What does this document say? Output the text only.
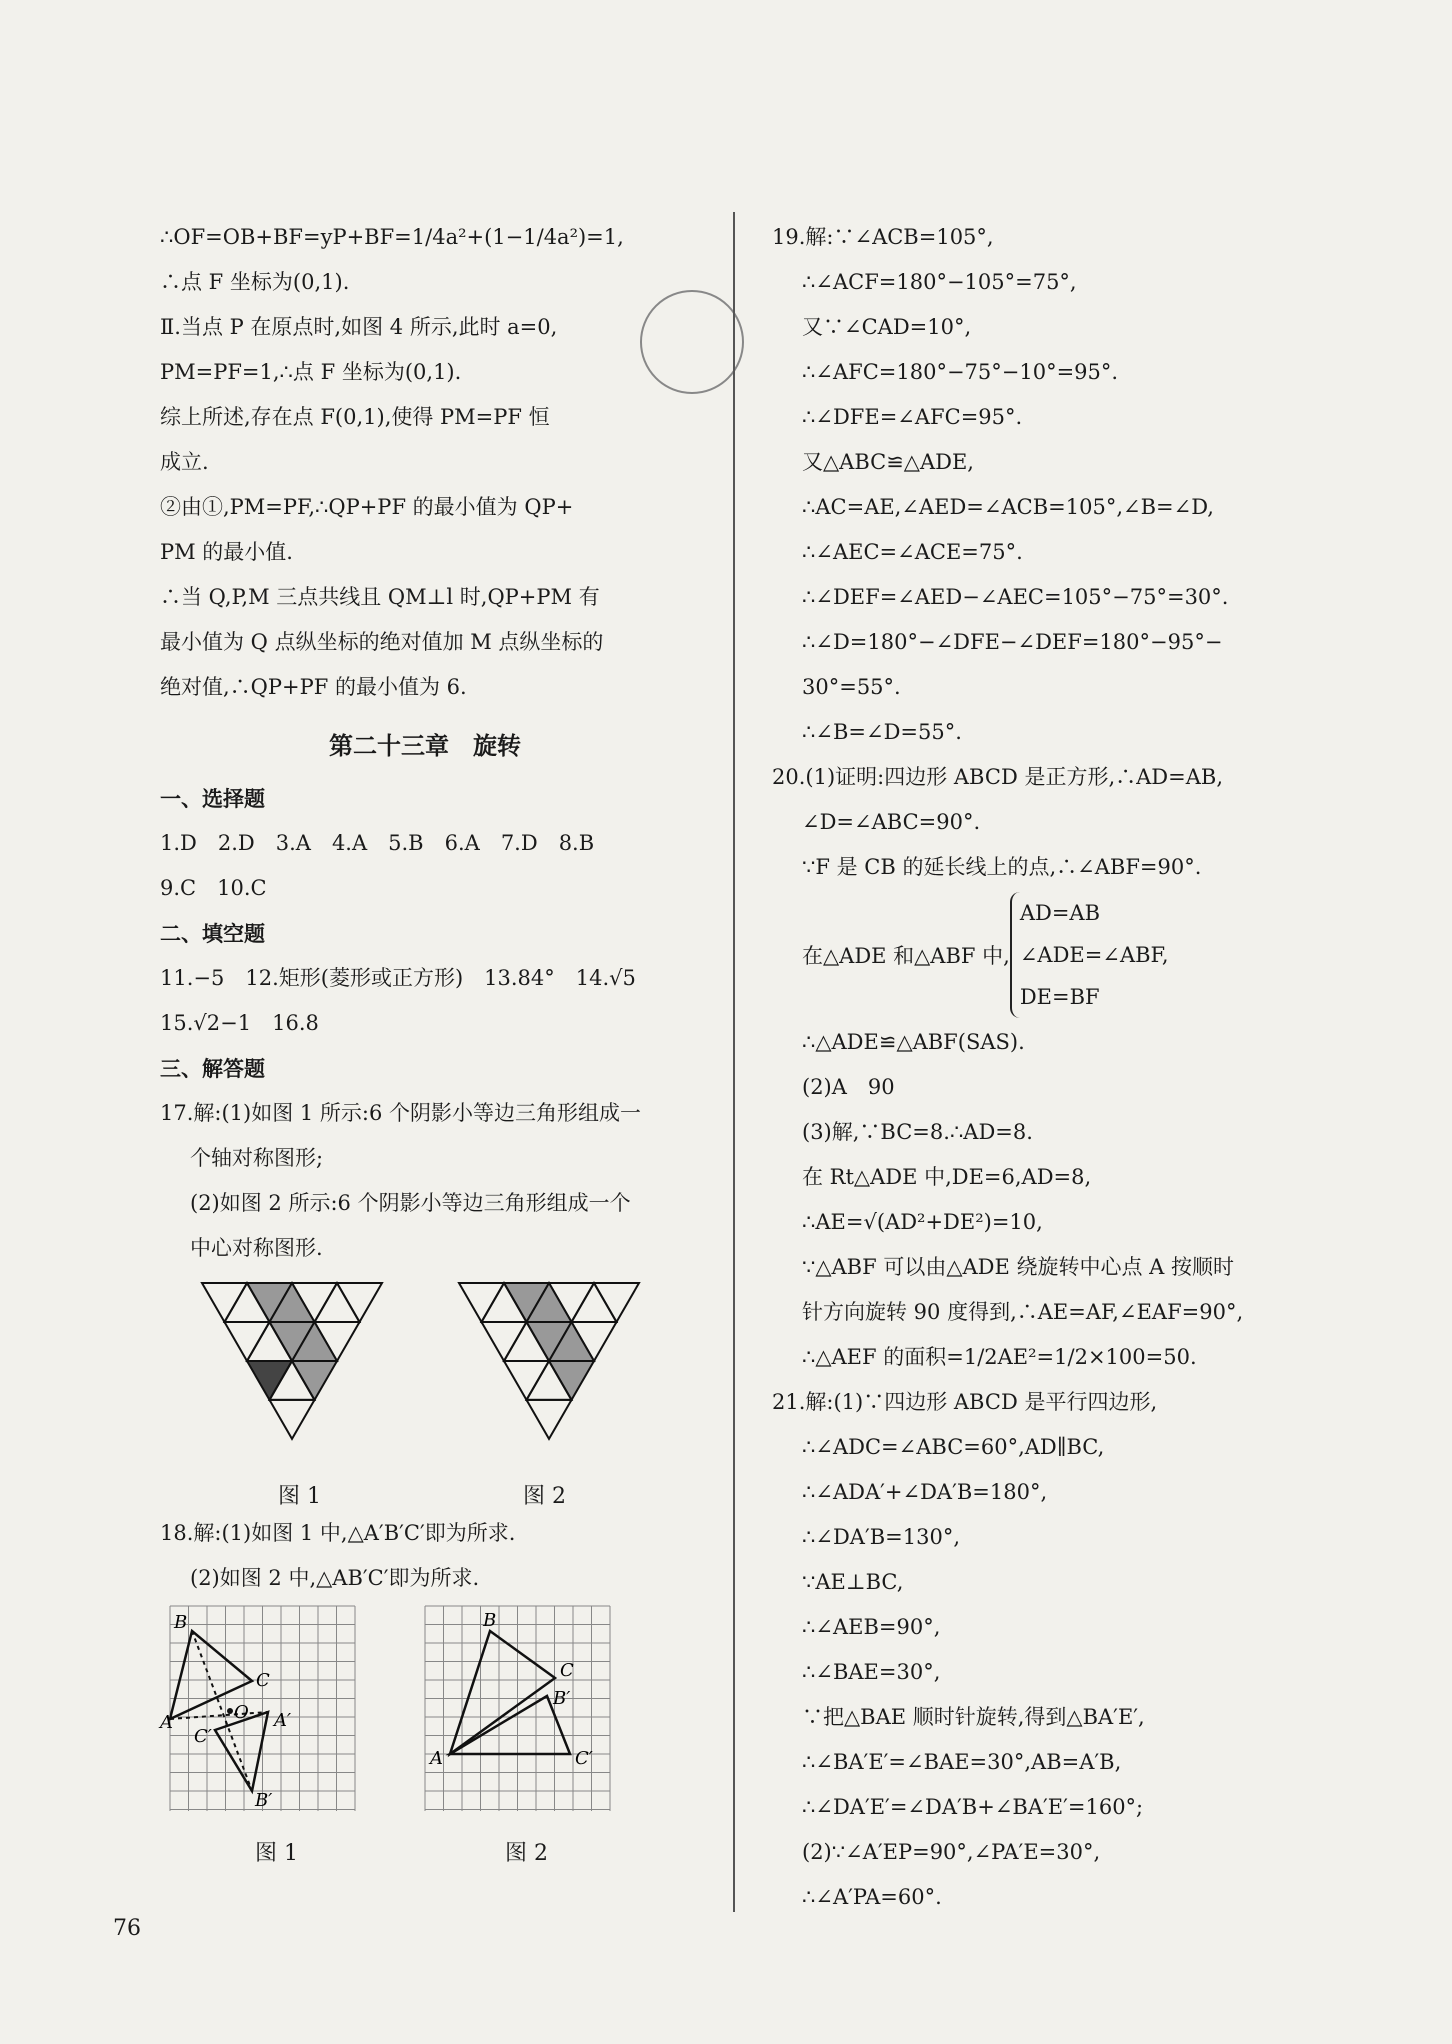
∴OF=OB+BF=yP+BF=1/4a²+(1−1/4a²)=1,
∴点 F 坐标为(0,1).
Ⅱ.当点 P 在原点时,如图 4 所示,此时 a=0,
PM=PF=1,∴点 F 坐标为(0,1).
综上所述,存在点 F(0,1),使得 PM=PF 恒
成立.
②由①,PM=PF,∴QP+PF 的最小值为 QP+
PM 的最小值.
∴当 Q,P,M 三点共线且 QM⊥l 时,QP+PM 有
最小值为 Q 点纵坐标的绝对值加 M 点纵坐标的
绝对值,∴QP+PF 的最小值为 6.
第二十三章　旋转
一、选择题
1.D　2.D　3.A　4.A　5.B　6.A　7.D　8.B
9.C　10.C
二、填空题
11.−5　12.矩形(菱形或正方形)　13.84°　14.√5
15.√2−1　16.8
三、解答题
17.解:(1)如图 1 所示:6 个阴影小等边三角形组成一
个轴对称图形;
(2)如图 2 所示:6 个阴影小等边三角形组成一个
中心对称图形.
图 1	图 2
18.解:(1)如图 1 中,△A′B′C′即为所求.
(2)如图 2 中,△AB′C′即为所求.
B
C
A	O A′
C′
B′
B
C
B′
A	C′
图 1	图 2
19.解:∵∠ACB=105°,
∴∠ACF=180°−105°=75°,
又∵∠CAD=10°,
∴∠AFC=180°−75°−10°=95°.
∴∠DFE=∠AFC=95°.
又△ABC≌△ADE,
∴AC=AE,∠AED=∠ACB=105°,∠B=∠D,
∴∠AEC=∠ACE=75°.
∴∠DEF=∠AED−∠AEC=105°−75°=30°.
∴∠D=180°−∠DFE−∠DEF=180°−95°−
30°=55°.
∴∠B=∠D=55°.
20.(1)证明:四边形 ABCD 是正方形,∴AD=AB,
∠D=∠ABC=90°.
∵F 是 CB 的延长线上的点,∴∠ABF=90°.
在△ADE 和△ABF 中,
AD=AB
∠ADE=∠ABF,
DE=BF
∴△ADE≌△ABF(SAS).
(2)A　90
(3)解,∵BC=8.∴AD=8.
在 Rt△ADE 中,DE=6,AD=8,
∴AE=√(AD²+DE²)=10,
∵△ABF 可以由△ADE 绕旋转中心点 A 按顺时
针方向旋转 90 度得到,∴AE=AF,∠EAF=90°,
∴△AEF 的面积=1/2AE²=1/2×100=50.
21.解:(1)∵四边形 ABCD 是平行四边形,
∴∠ADC=∠ABC=60°,AD∥BC,
∴∠ADA′+∠DA′B=180°,
∴∠DA′B=130°,
∵AE⊥BC,
∴∠AEB=90°,
∴∠BAE=30°,
∵把△BAE 顺时针旋转,得到△BA′E′,
∴∠BA′E′=∠BAE=30°,AB=A′B,
∴∠DA′E′=∠DA′B+∠BA′E′=160°;
(2)∵∠A′EP=90°,∠PA′E=30°,
∴∠A′PA=60°.
76
